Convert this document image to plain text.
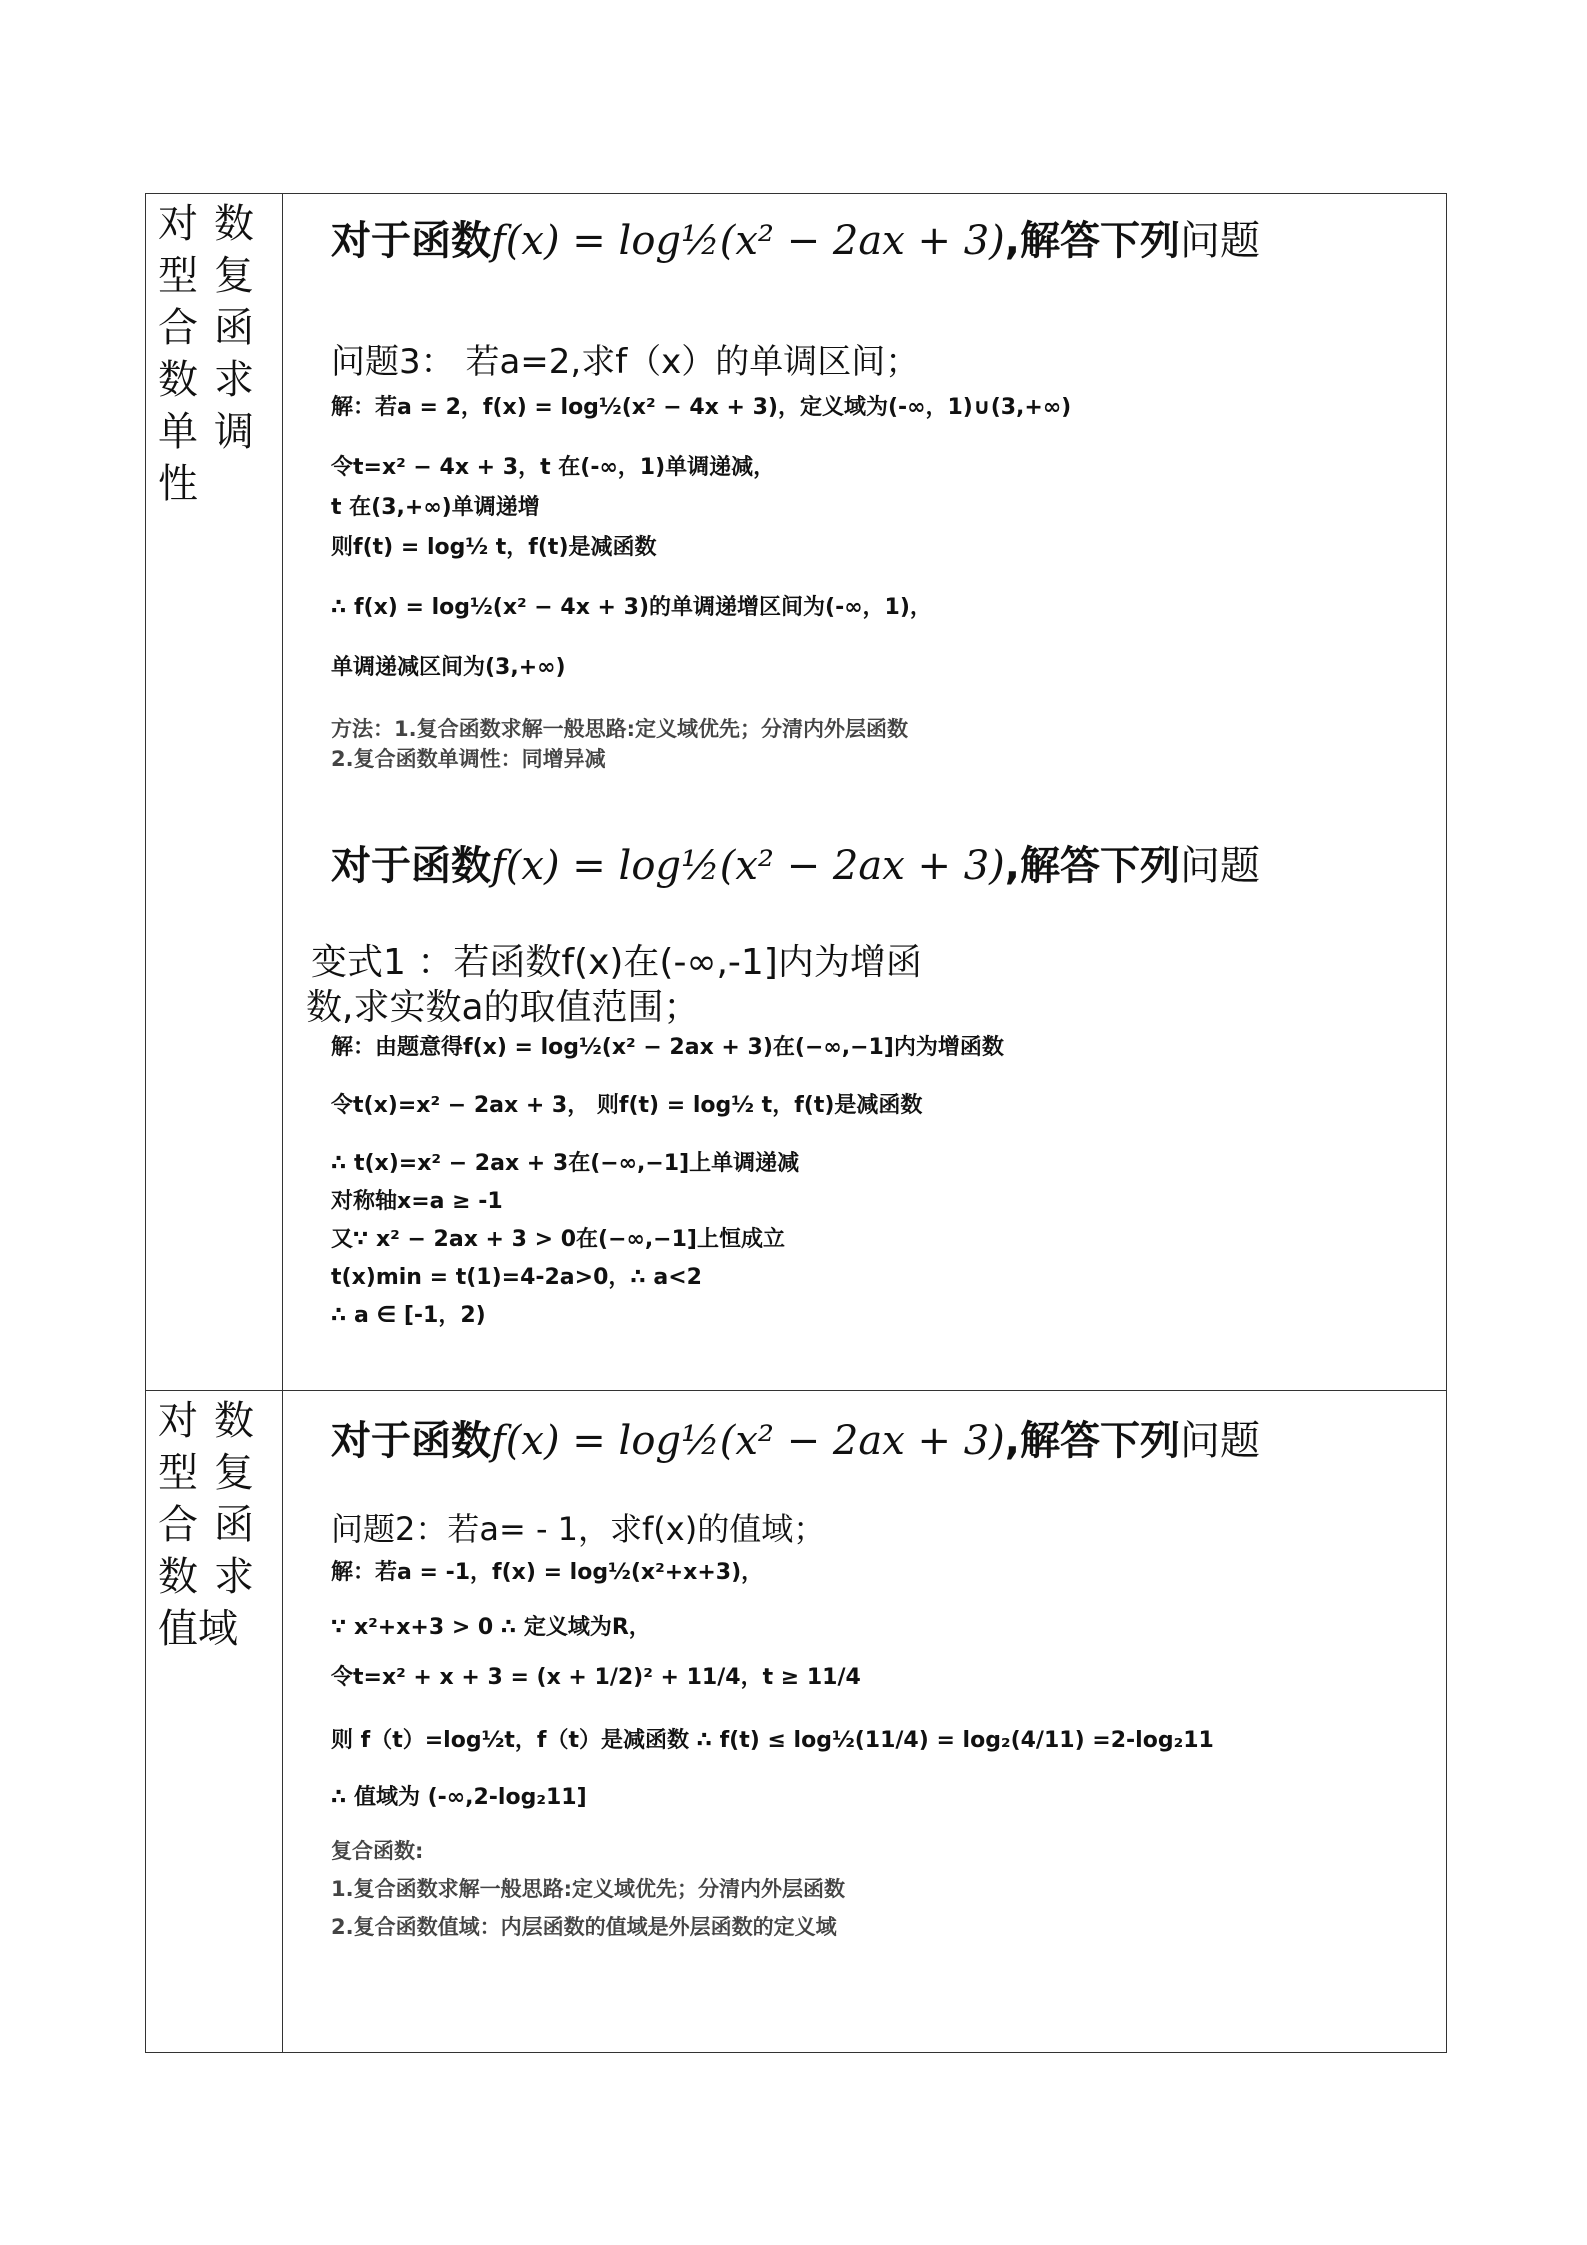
对 数
型 复
合 函
数 求
单 调
性
对于函数f(x) = log½(x² − 2ax + 3),解答下列问题
问题3： 若a=2,求f（x）的单调区间；
解：若a = 2，f(x) = log½(x² − 4x + 3)，定义域为(-∞，1)∪(3,+∞)
令t=x² − 4x + 3，t 在(-∞，1)单调递减，
t 在(3,+∞)单调递增
则f(t) = log½ t，f(t)是减函数
∴ f(x) = log½(x² − 4x + 3)的单调递增区间为(-∞，1)，
单调递减区间为(3,+∞)
方法：1.复合函数求解一般思路:定义域优先；分清内外层函数
2.复合函数单调性：同增异减
对于函数f(x) = log½(x² − 2ax + 3),解答下列问题
变式1 ：若函数f(x)在(-∞,-1]内为增函
数,求实数a的取值范围；
解：由题意得f(x) = log½(x² − 2ax + 3)在(−∞,−1]内为增函数
令t(x)=x² − 2ax + 3， 则f(t) = log½ t，f(t)是减函数
∴ t(x)=x² − 2ax + 3在(−∞,−1]上单调递减
对称轴x=a ≥ -1
又∵ x² − 2ax + 3 > 0在(−∞,−1]上恒成立
t(x)min = t(1)=4-2a>0，∴ a<2
∴ a ∈ [-1，2)
对 数
型 复
合 函
数 求
值域
对于函数f(x) = log½(x² − 2ax + 3),解答下列问题
问题2：若a= - 1，求f(x)的值域；
解：若a = -1，f(x) = log½(x²+x+3)，
∵ x²+x+3 > 0 ∴ 定义域为R，
令t=x² + x + 3 = (x + 1/2)² + 11/4，t ≥ 11/4
则 f（t）=log½t，f（t）是减函数 ∴ f(t) ≤ log½(11/4) = log₂(4/11) =2-log₂11
∴ 值域为 (-∞,2-log₂11]
复合函数:
1.复合函数求解一般思路:定义域优先；分清内外层函数
2.复合函数值域：内层函数的值域是外层函数的定义域
